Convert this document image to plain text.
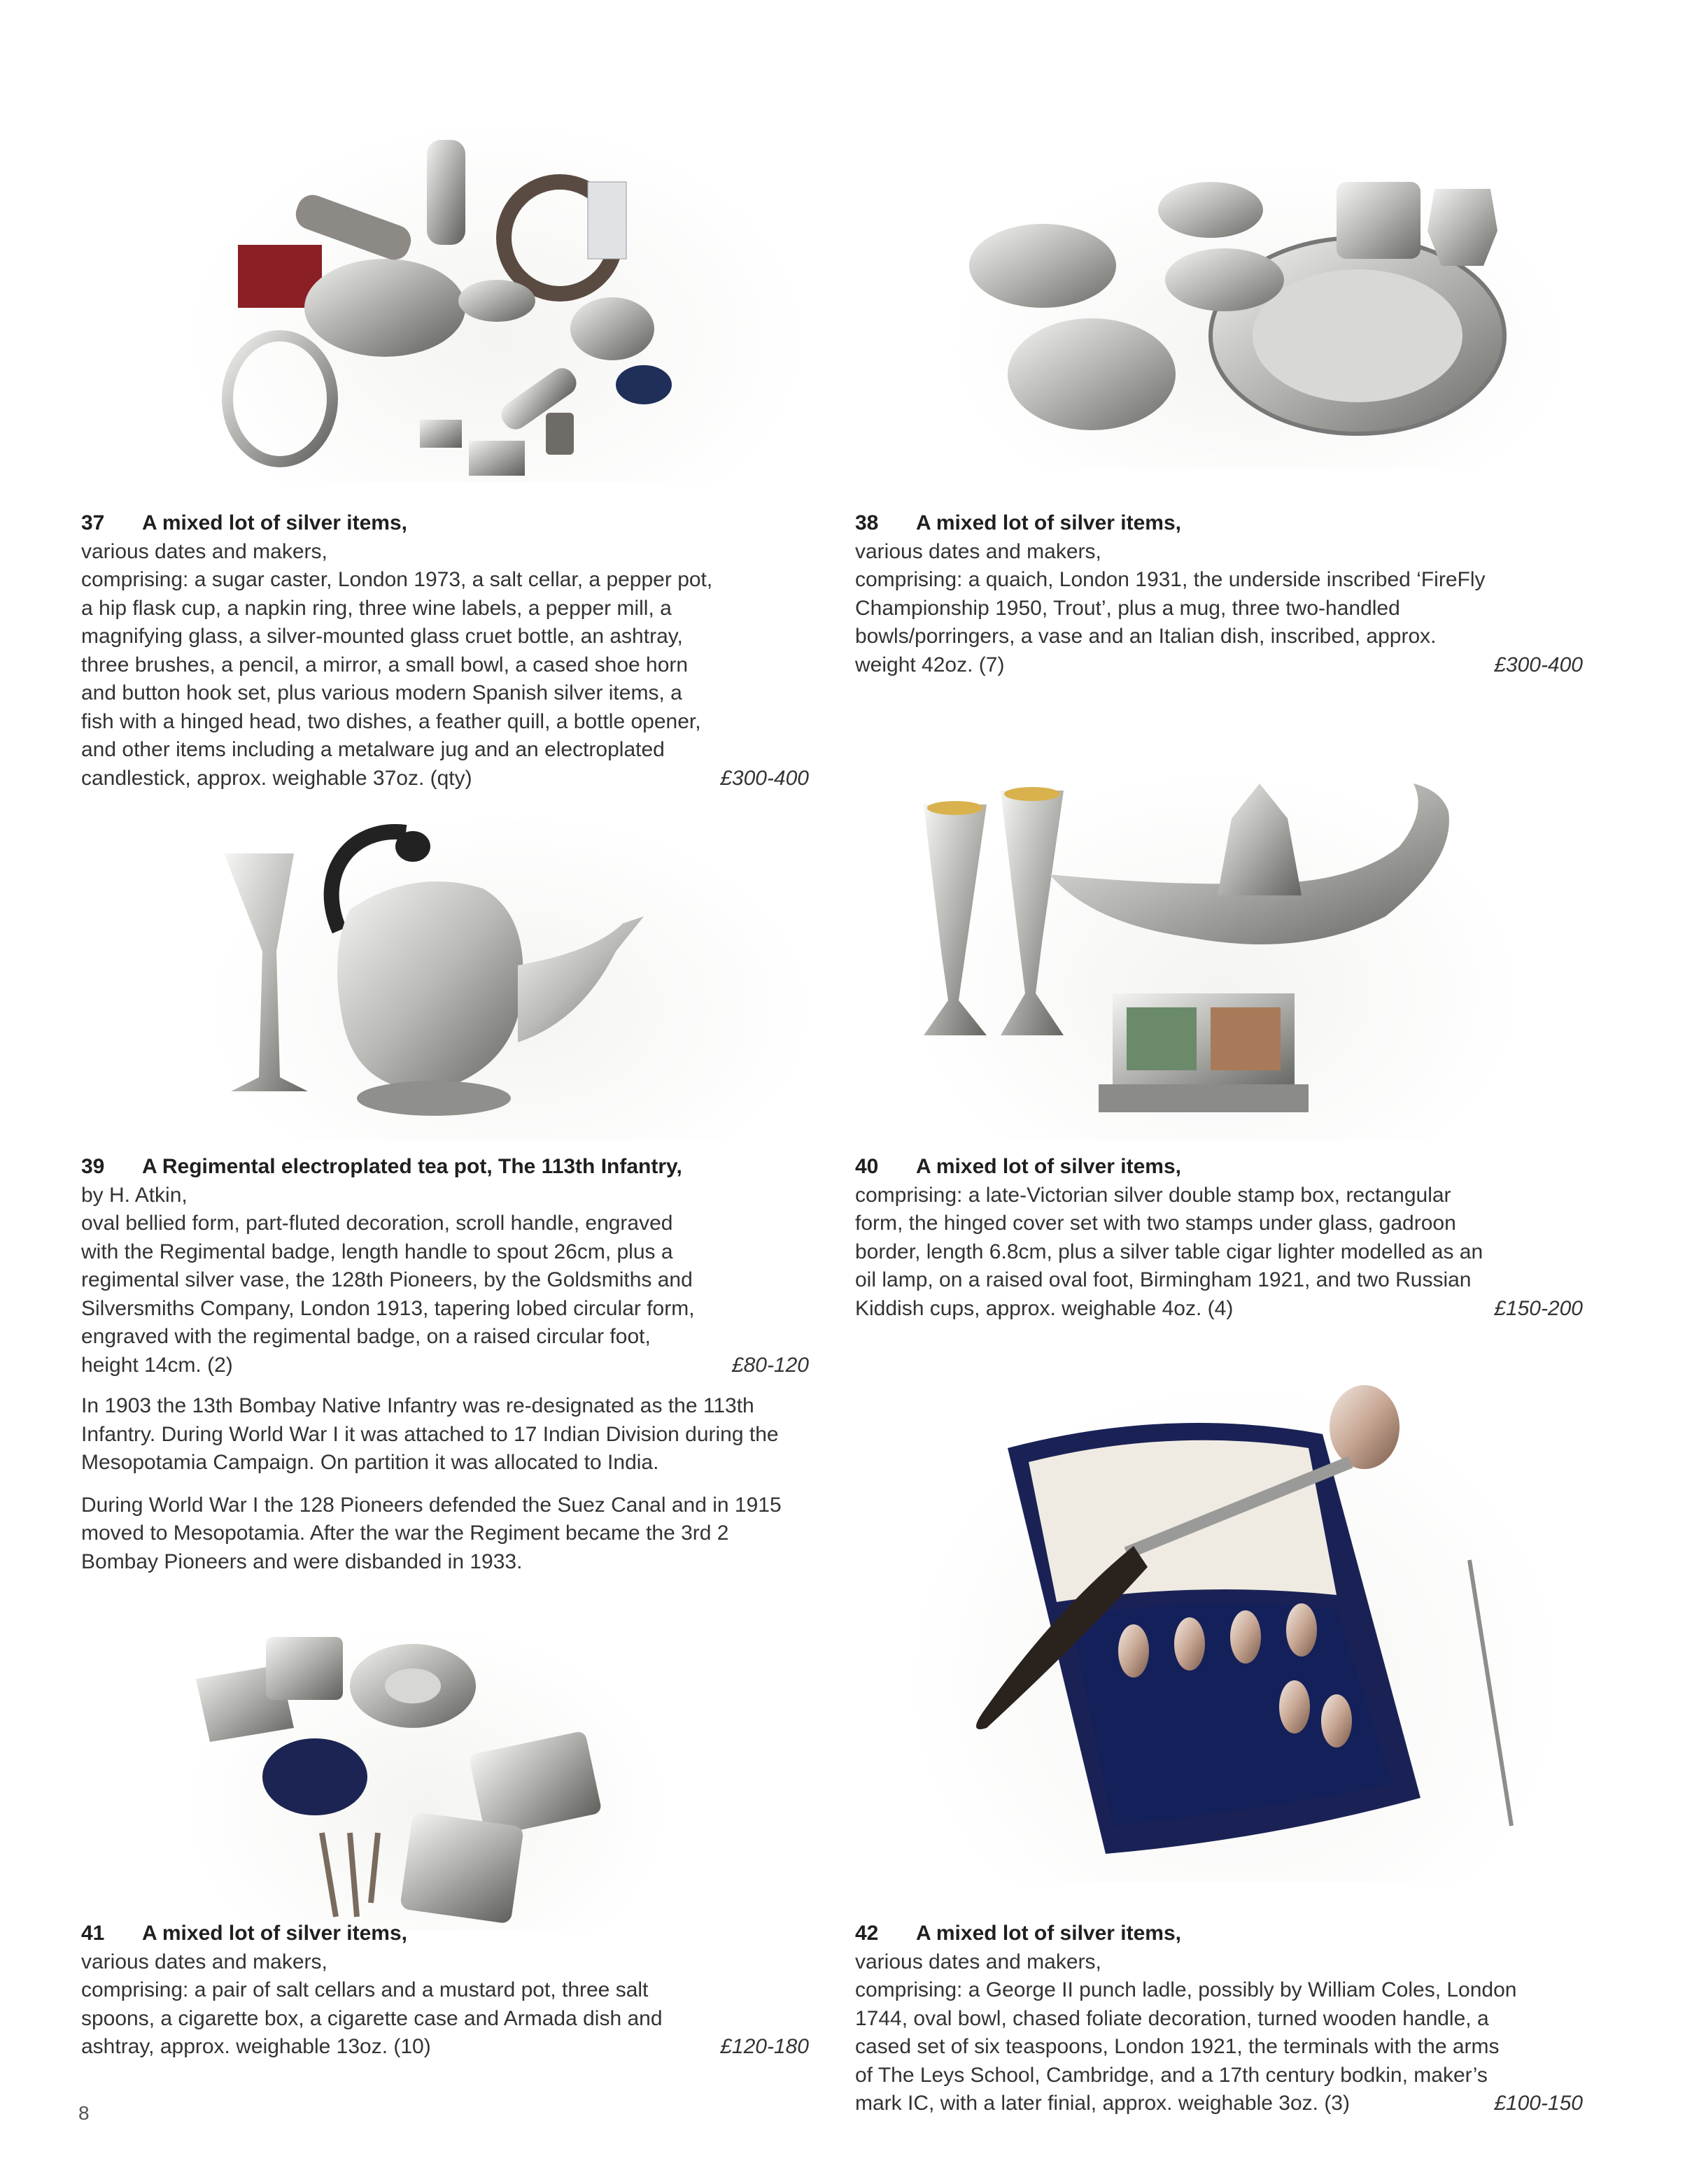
37 A mixed lot of silver items,

various dates and makers,

comprising: a sugar caster, London 1973, a salt cellar, a pepper pot,

a hip flask cup, a napkin ring, three wine labels, a pepper mill, a

magnifying glass, a silver-mounted glass cruet bottle, an ashtray,

three brushes, a pencil, a mirror, a small bowl, a cased shoe horn

and button hook set, plus various modern Spanish silver items, a

fish with a hinged head, two dishes, a feather quill, a bottle opener,

and other items including a metalware jug and an electroplated

candlestick, approx. weighable 37oz. (qty)	£300-400

38 A mixed lot of silver items,

various dates and makers,

comprising: a quaich, London 1931, the underside inscribed ‘FireFly

Championship 1950, Trout’, plus a mug, three two-handled

bowls/porringers, a vase and an Italian dish, inscribed, approx.

weight 42oz. (7)	£300-400

39 A Regimental electroplated tea pot, The 113th Infantry,

by H. Atkin,

oval bellied form, part-fluted decoration, scroll handle, engraved

with the Regimental badge, length handle to spout 26cm, plus a

regimental silver vase, the 128th Pioneers, by the Goldsmiths and

Silversmiths Company, London 1913, tapering lobed circular form,

engraved with the regimental badge, on a raised circular foot,

height 14cm. (2)	£80-120

In 1903 the 13th Bombay Native Infantry was re-designated as the 113th Infantry. During World War I it was attached to 17 Indian Division during the Mesopotamia Campaign. On partition it was allocated to India.

During World War I the 128 Pioneers defended the Suez Canal and in 1915 moved to Mesopotamia. After the war the Regiment became the 3rd 2 Bombay Pioneers and were disbanded in 1933.

40 A mixed lot of silver items,

comprising: a late-Victorian silver double stamp box, rectangular

form, the hinged cover set with two stamps under glass, gadroon

border, length 6.8cm, plus a silver table cigar lighter modelled as an

oil lamp, on a raised oval foot, Birmingham 1921, and two Russian

Kiddish cups, approx. weighable 4oz. (4)	£150-200

41 A mixed lot of silver items,

various dates and makers,

comprising: a pair of salt cellars and a mustard pot, three salt

spoons, a cigarette box, a cigarette case and Armada dish and

ashtray, approx. weighable 13oz. (10)	£120-180

42 A mixed lot of silver items,

various dates and makers,

comprising: a George II punch ladle, possibly by William Coles, London

1744, oval bowl, chased foliate decoration, turned wooden handle, a

cased set of six teaspoons, London 1921, the terminals with the arms

of The Leys School, Cambridge, and a 17th century bodkin, maker’s

mark IC, with a later finial, approx. weighable 3oz. (3)	£100-150

8
